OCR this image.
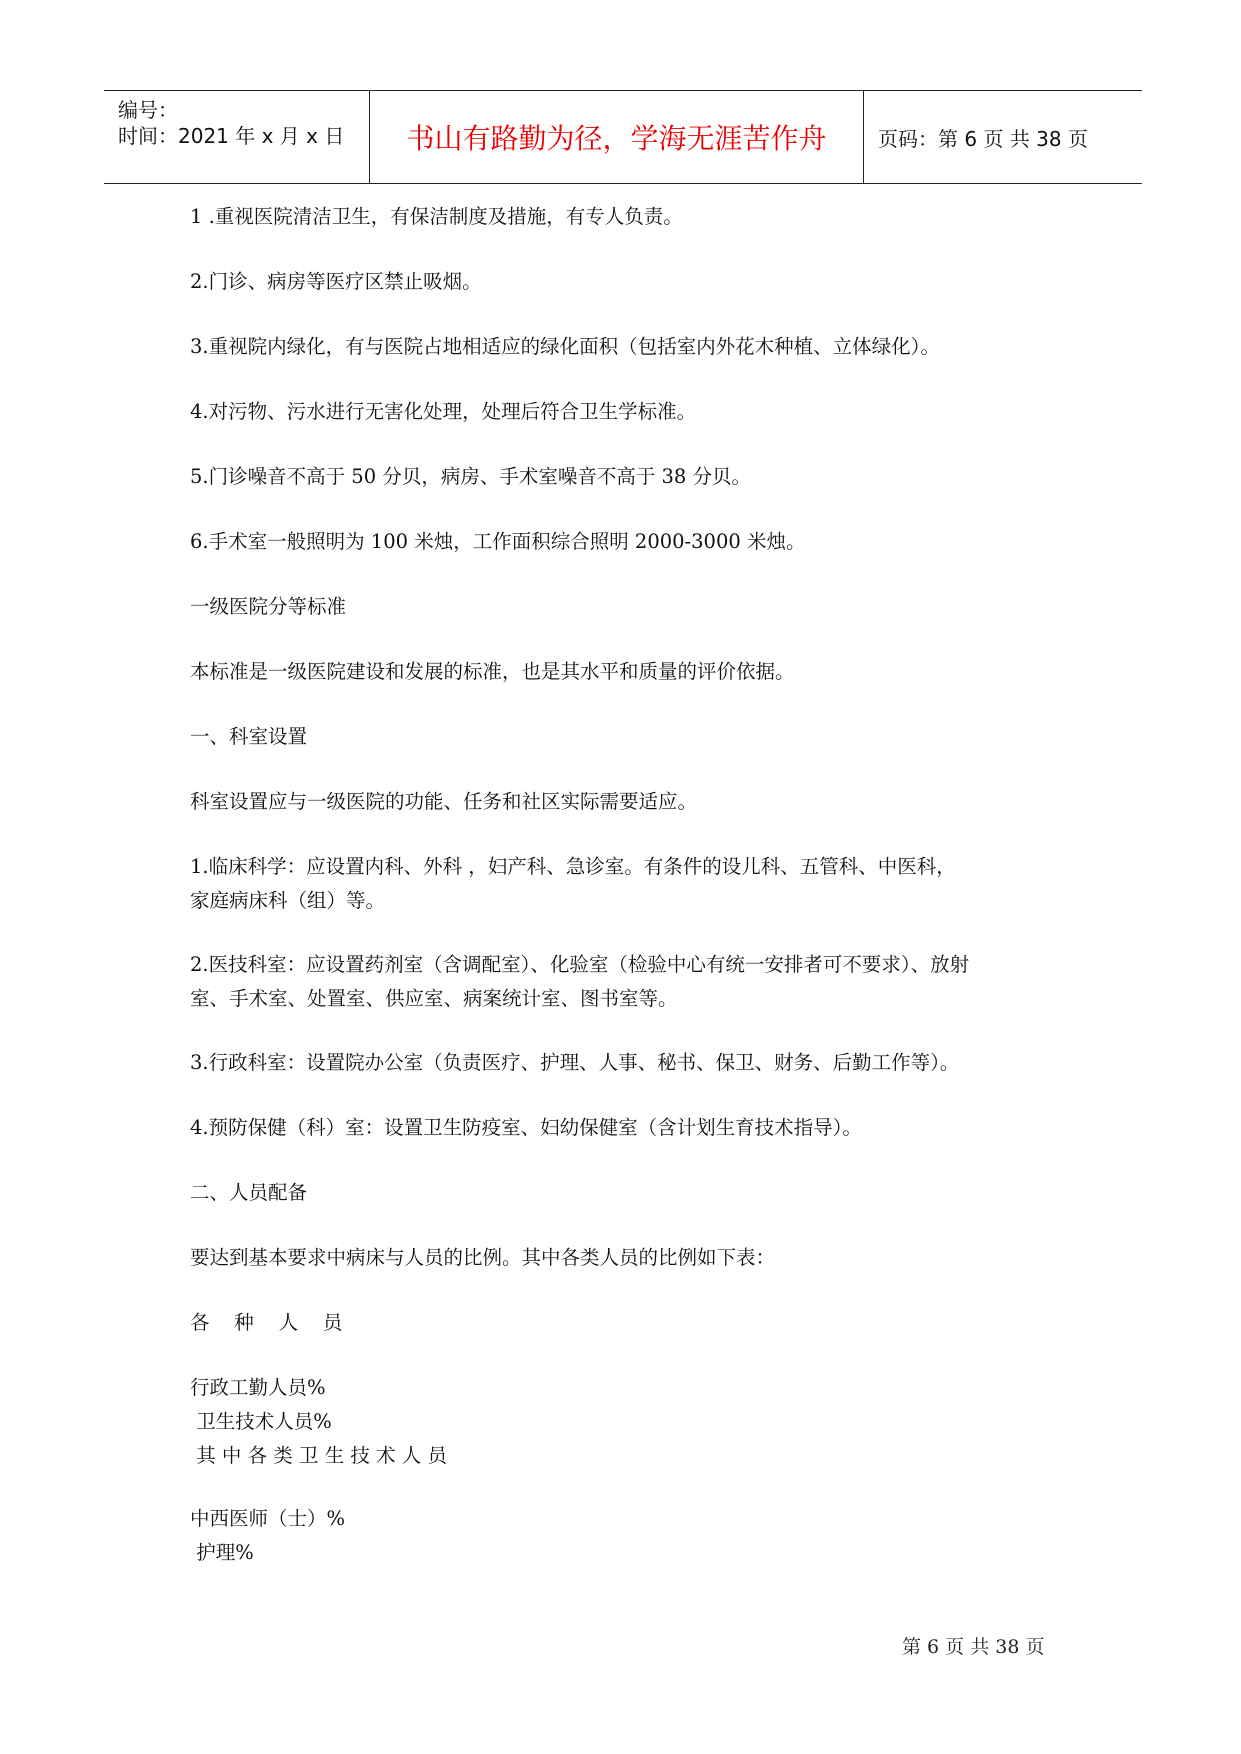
编号：
时间：2021 年 x 月 x 日	书山有路勤为径，学海无涯苦作舟	页码：第 6 页 共 38 页

1 .重视医院清洁卫生，有保洁制度及措施，有专人负责。

2.门诊、病房等医疗区禁止吸烟。

3.重视院内绿化，有与医院占地相适应的绿化面积（包括室内外花木种植、立体绿化）。

4.对污物、污水进行无害化处理，处理后符合卫生学标准。

5.门诊噪音不高于 50 分贝，病房、手术室噪音不高于 38 分贝。

6.手术室一般照明为 100 米烛，工作面积综合照明 2000-3000 米烛。

一级医院分等标准

本标准是一级医院建设和发展的标准，也是其水平和质量的评价依据。

一、科室设置

科室设置应与一级医院的功能、任务和社区实际需要适应。

1.临床科学：应设置内科、外科 ，妇产科、急诊室。有条件的设儿科、五管科、中医科，
家庭病床科（组）等。

2.医技科室：应设置药剂室（含调配室）、化验室（检验中心有统一安排者可不要求）、放射
室、手术室、处置室、供应室、病案统计室、图书室等。

3.行政科室：设置院办公室（负责医疗、护理、人事、秘书、保卫、财务、后勤工作等）。

4.预防保健（科）室：设置卫生防疫室、妇幼保健室（含计划生育技术指导）。

二、人员配备

要达到基本要求中病床与人员的比例。其中各类人员的比例如下表：

各    种    人    员

行政工勤人员%
卫生技术人员%
其 中 各 类 卫 生 技 术 人 员

中西医师（士）%
护理%

第 6 页 共 38 页
